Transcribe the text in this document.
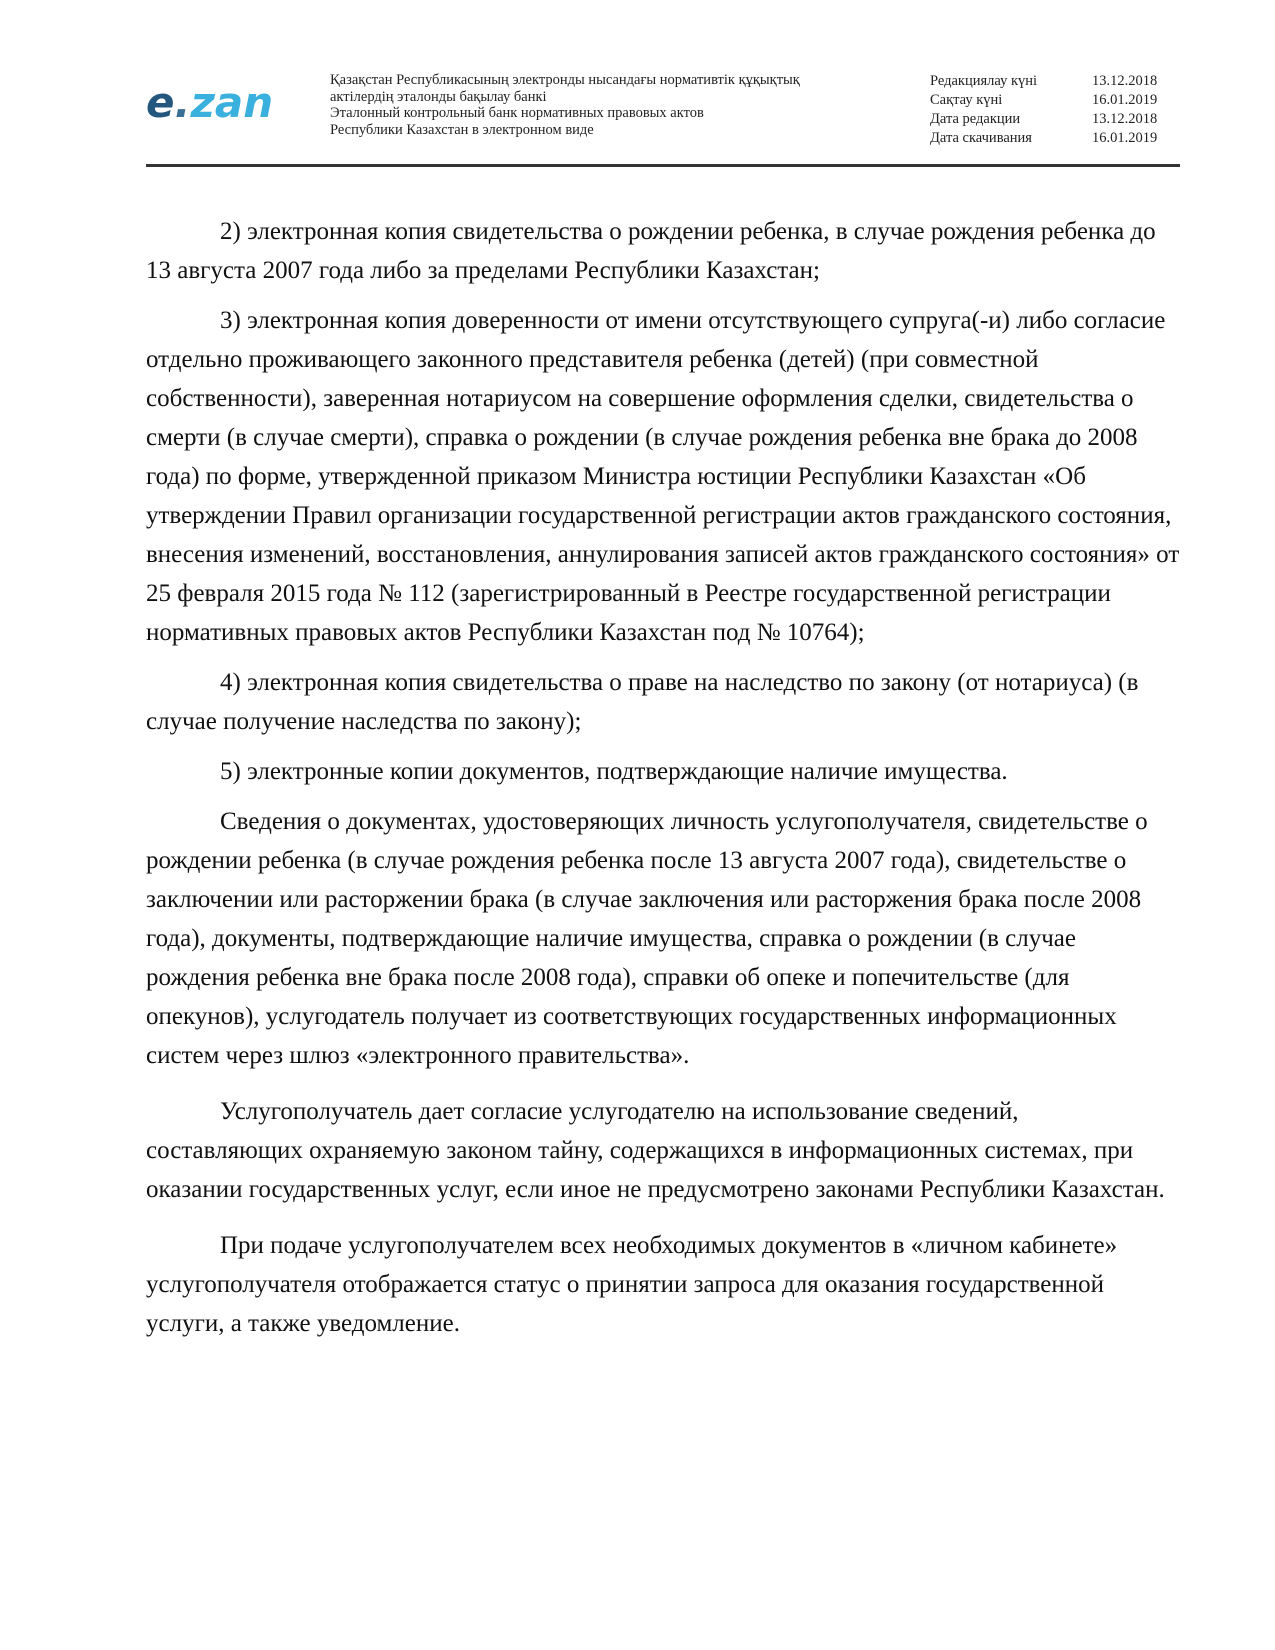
e.zan	Қазақстан Республикасының электронды нысандағы нормативтік құқықтық
актілердің эталонды бақылау банкі
Эталонный контрольный банк нормативных правовых актов
Республики Казахстан в электронном виде
Редакциялау күні	13.12.2018
Сақтау күні	16.01.2019
Дата редакции	13.12.2018
Дата скачивания	16.01.2019

2) электронная копия свидетельства о рождении ребенка, в случае рождения ребенка до 13 августа 2007 года либо за пределами Республики Казахстан;

3) электронная копия доверенности от имени отсутствующего супруга(-и) либо согласие отдельно проживающего законного представителя ребенка (детей) (при совместной собственности), заверенная нотариусом на совершение оформления сделки, свидетельства о смерти (в случае смерти), справка о рождении (в случае рождения ребенка вне брака до 2008 года) по форме, утвержденной приказом Министра юстиции Республики Казахстан «Об утверждении Правил организации государственной регистрации актов гражданского состояния, внесения изменений, восстановления, аннулирования записей актов гражданского состояния» от 25 февраля 2015 года № 112 (зарегистрированный в Реестре государственной регистрации нормативных правовых актов Республики Казахстан под № 10764);

4) электронная копия свидетельства о праве на наследство по закону (от нотариуса) (в случае получение наследства по закону);

5) электронные копии документов, подтверждающие наличие имущества.

Сведения о документах, удостоверяющих личность услугополучателя, свидетельстве о рождении ребенка (в случае рождения ребенка после 13 августа 2007 года), свидетельстве о заключении или расторжении брака (в случае заключения или расторжения брака после 2008 года), документы, подтверждающие наличие имущества, справка о рождении (в случае рождения ребенка вне брака после 2008 года), справки об опеке и попечительстве (для опекунов), услугодатель получает из соответствующих государственных информационных систем через шлюз «электронного правительства».

Услугополучатель дает согласие услугодателю на использование сведений, составляющих охраняемую законом тайну, содержащихся в информационных системах, при оказании государственных услуг, если иное не предусмотрено законами Республики Казахстан.

При подаче услугополучателем всех необходимых документов в «личном кабинете» услугополучателя отображается статус о принятии запроса для оказания государственной услуги, а также уведомление.
